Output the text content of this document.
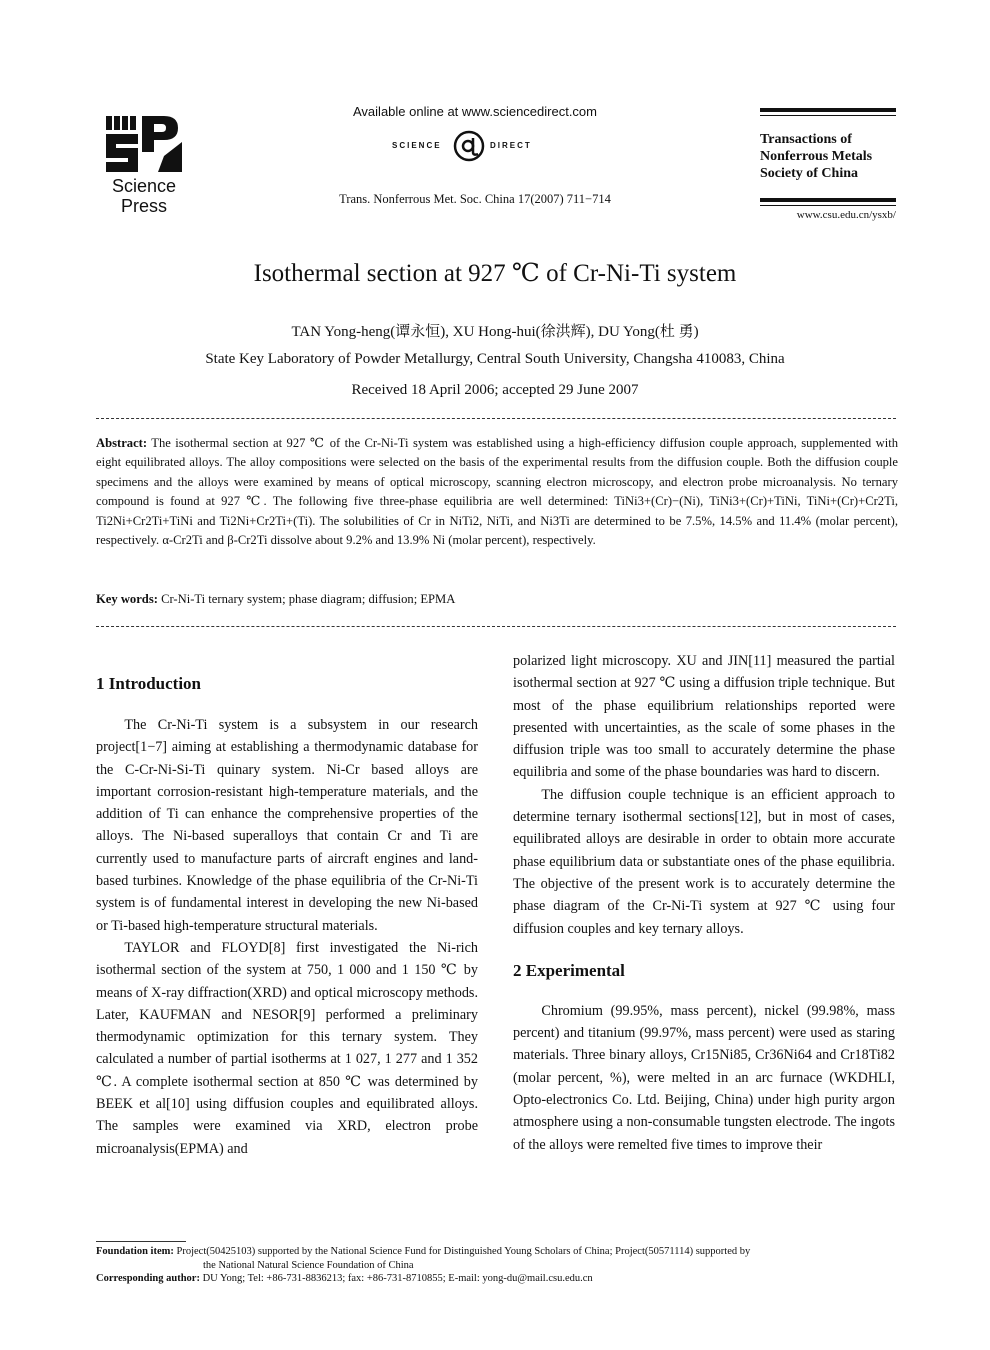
Science
Press
Available online at www.sciencedirect.com
SCIENCE	DIRECT
Trans. Nonferrous Met. Soc. China 17(2007) 711−714
Transactions of
Nonferrous Metals
Society of China
www.csu.edu.cn/ysxb/
Isothermal section at 927 ℃ of Cr-Ni-Ti system
TAN Yong-heng(谭永恒), XU Hong-hui(徐洪辉), DU Yong(杜 勇)
State Key Laboratory of Powder Metallurgy, Central South University, Changsha 410083, China
Received 18 April 2006; accepted 29 June 2007
Abstract: The isothermal section at 927 ℃ of the Cr-Ni-Ti system was established using a high-efficiency diffusion couple approach, supplemented with eight equilibrated alloys. The alloy compositions were selected on the basis of the experimental results from the diffusion couple. Both the diffusion couple specimens and the alloys were examined by means of optical microscopy, scanning electron microscopy, and electron probe microanalysis. No ternary compound is found at 927 ℃. The following five three-phase equilibria are well determined: TiNi3+(Cr)−(Ni), TiNi3+(Cr)+TiNi, TiNi+(Cr)+Cr2Ti, Ti2Ni+Cr2Ti+TiNi and Ti2Ni+Cr2Ti+(Ti). The solubilities of Cr in NiTi2, NiTi, and Ni3Ti are determined to be 7.5%, 14.5% and 11.4% (molar percent), respectively. α-Cr2Ti and β-Cr2Ti dissolve about 9.2% and 13.9% Ni (molar percent), respectively.
Key words: Cr-Ni-Ti ternary system; phase diagram; diffusion; EPMA
1 Introduction

The Cr-Ni-Ti system is a subsystem in our research project[1−7] aiming at establishing a thermodynamic database for the C-Cr-Ni-Si-Ti quinary system. Ni-Cr based alloys are important corrosion-resistant high-temperature materials, and the addition of Ti can enhance the comprehensive properties of the alloys. The Ni-based superalloys that contain Cr and Ti are currently used to manufacture parts of aircraft engines and land-based turbines. Knowledge of the phase equilibria of the Cr-Ni-Ti system is of fundamental interest in developing the new Ni-based or Ti-based high-temperature structural materials.

TAYLOR and FLOYD[8] first investigated the Ni-rich isothermal section of the system at 750, 1 000 and 1 150 ℃ by means of X-ray diffraction(XRD) and optical microscopy methods. Later, KAUFMAN and NESOR[9] performed a preliminary thermodynamic optimization for this ternary system. They calculated a number of partial isotherms at 1 027, 1 277 and 1 352 ℃. A complete isothermal section at 850 ℃ was determined by BEEK et al[10] using diffusion couples and equilibrated alloys. The samples were examined via XRD, electron probe microanalysis(EPMA) and

polarized light microscopy. XU and JIN[11] measured the partial isothermal section at 927 ℃ using a diffusion triple technique. But most of the phase equilibrium relationships reported were presented with uncertainties, as the scale of some phases in the diffusion triple was too small to accurately determine the phase equilibria and some of the phase boundaries was hard to discern.

The diffusion couple technique is an efficient approach to determine ternary isothermal sections[12], but in most of cases, equilibrated alloys are desirable in order to obtain more accurate phase equilibrium data or substantiate ones of the phase equilibria. The objective of the present work is to accurately determine the phase diagram of the Cr-Ni-Ti system at 927 ℃ using four diffusion couples and key ternary alloys.

2 Experimental

Chromium (99.95%, mass percent), nickel (99.98%, mass percent) and titanium (99.97%, mass percent) were used as staring materials. Three binary alloys, Cr15Ni85, Cr36Ni64 and Cr18Ti82 (molar percent, %), were melted in an arc furnace (WKDHLI, Opto-electronics Co. Ltd. Beijing, China) under high purity argon atmosphere using a non-consumable tungsten electrode. The ingots of the alloys were remelted five times to improve their

Foundation item: Project(50425103) supported by the National Science Fund for Distinguished Young Scholars of China; Project(50571114) supported by

the National Natural Science Foundation of China

Corresponding author: DU Yong; Tel: +86-731-8836213; fax: +86-731-8710855; E-mail: yong-du@mail.csu.edu.cn
